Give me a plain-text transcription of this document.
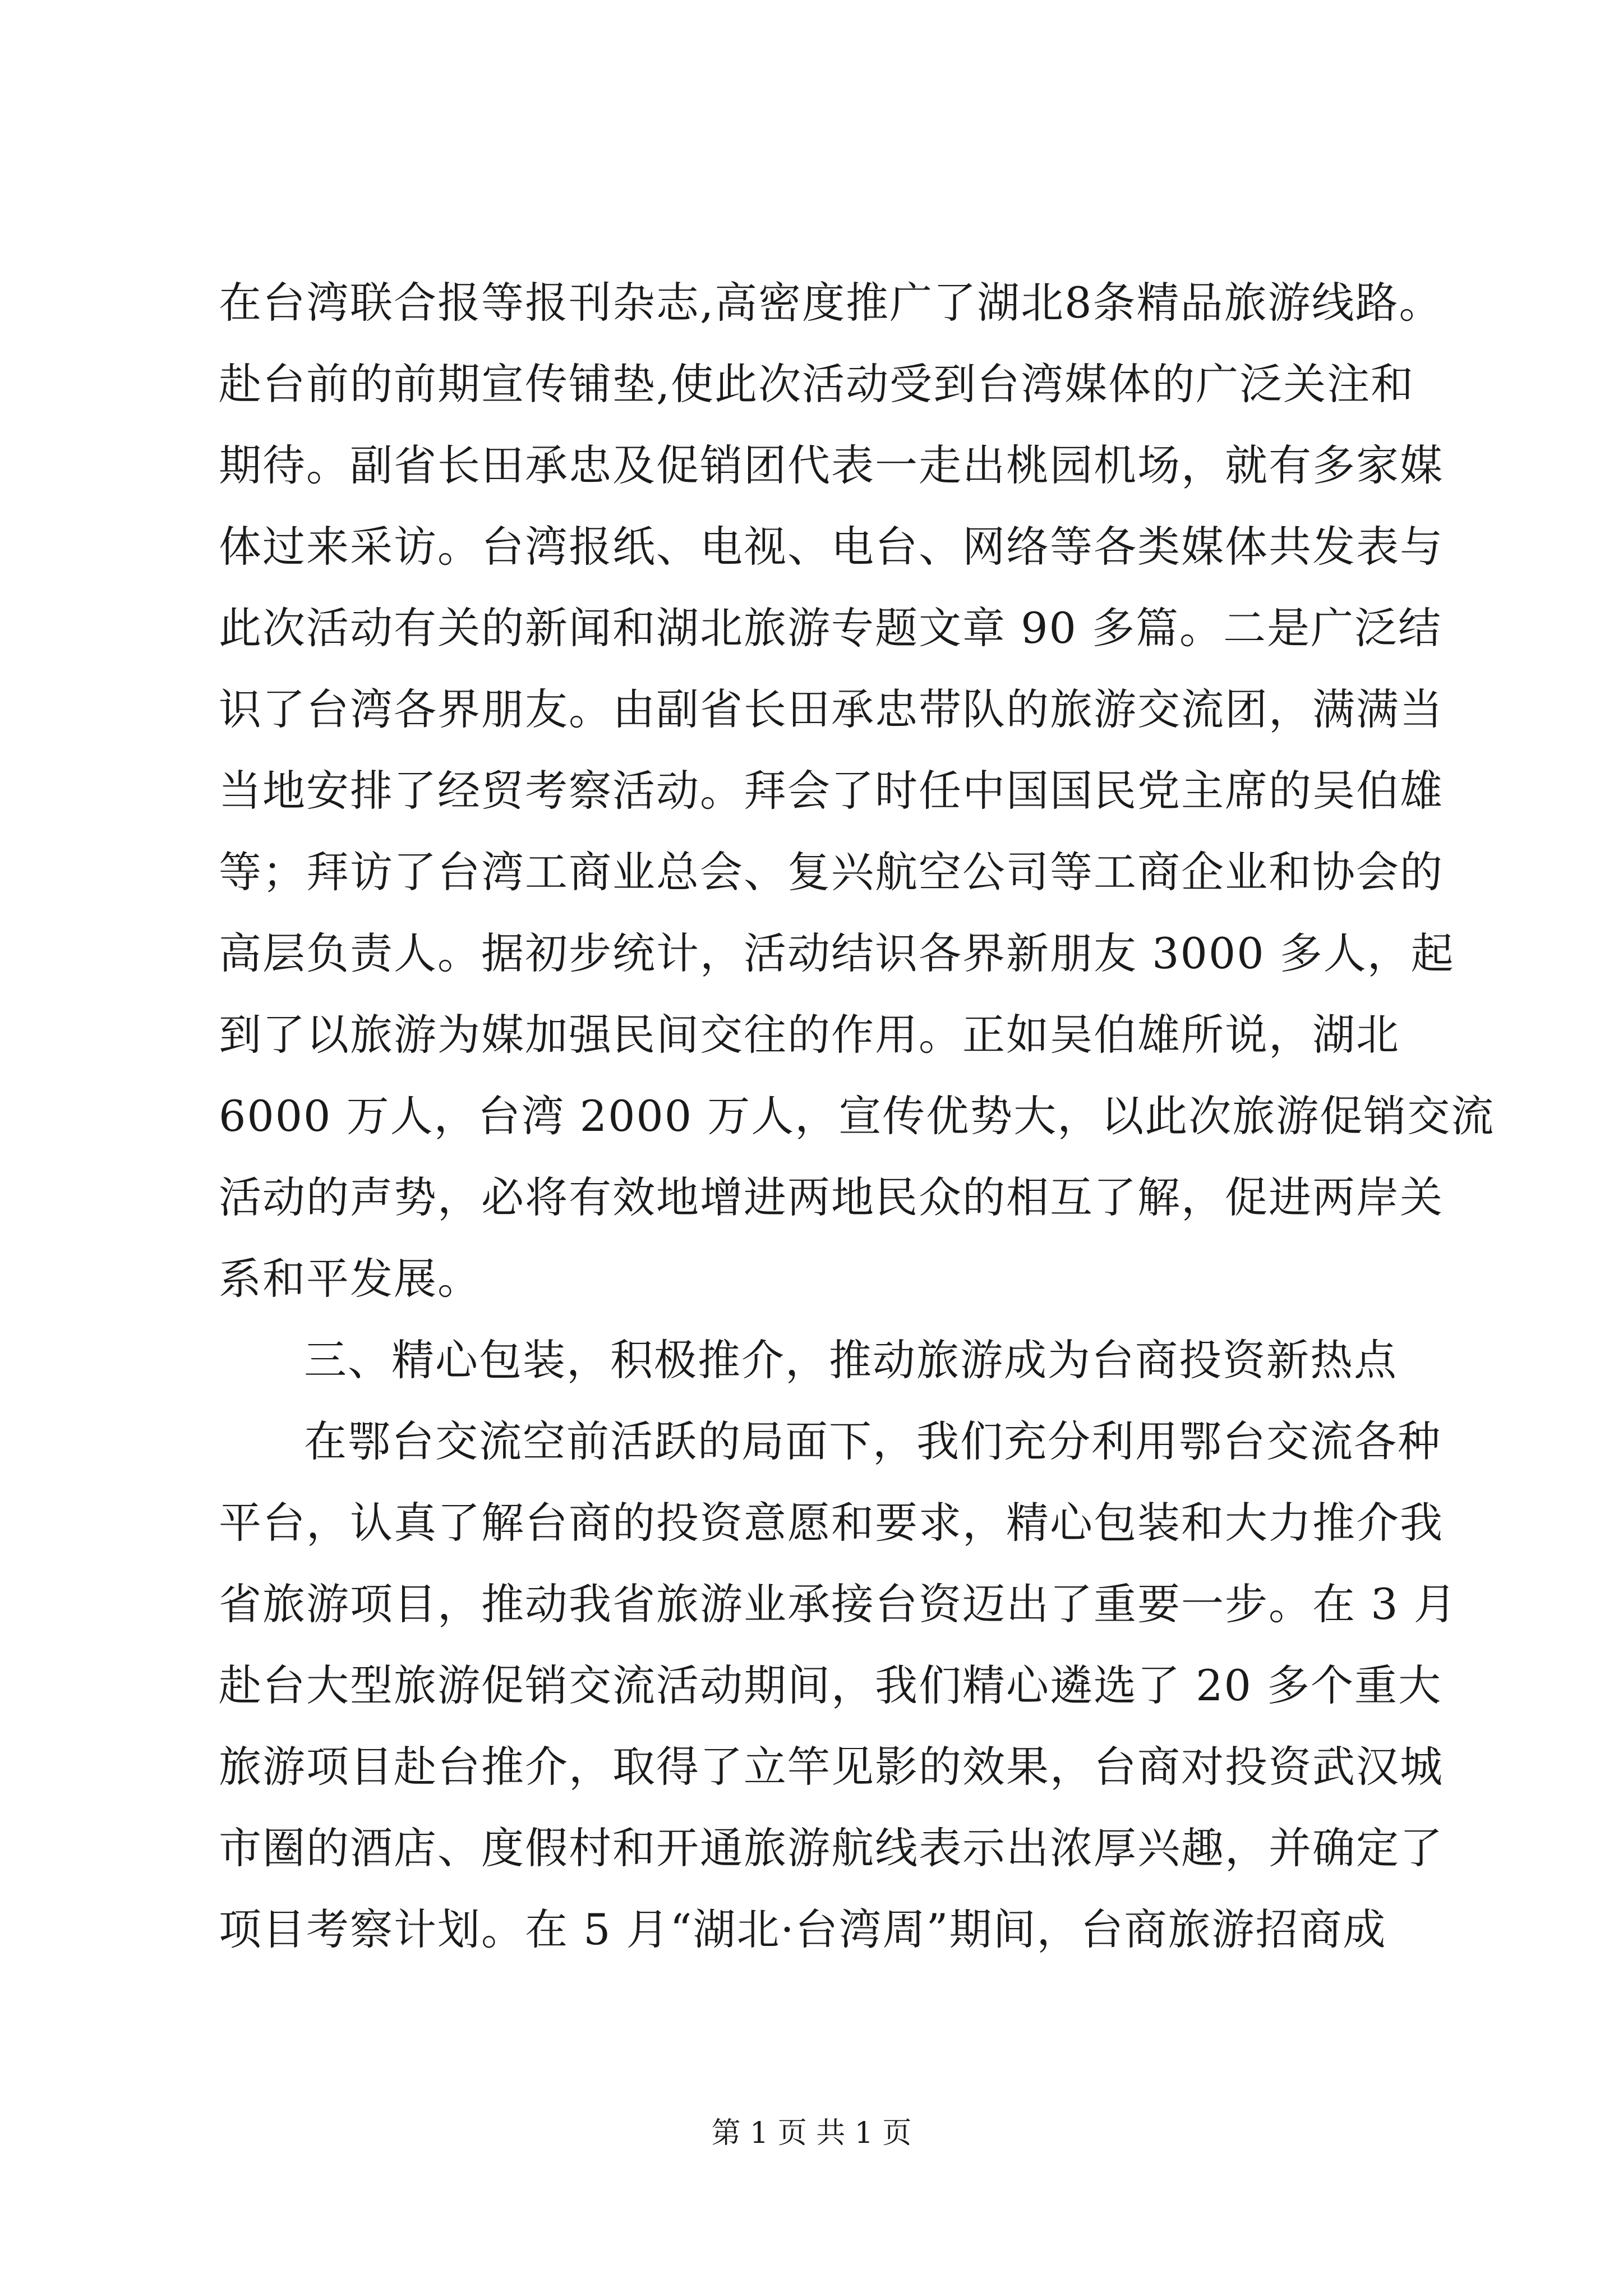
在台湾联合报等报刊杂志,高密度推广了湖北8条精品旅游线路。
赴台前的前期宣传铺垫,使此次活动受到台湾媒体的广泛关注和
期待。副省长田承忠及促销团代表一走出桃园机场，就有多家媒
体过来采访。台湾报纸、电视、电台、网络等各类媒体共发表与
此次活动有关的新闻和湖北旅游专题文章 90 多篇。二是广泛结
识了台湾各界朋友。由副省长田承忠带队的旅游交流团，满满当
当地安排了经贸考察活动。拜会了时任中国国民党主席的吴伯雄
等；拜访了台湾工商业总会、复兴航空公司等工商企业和协会的
高层负责人。据初步统计，活动结识各界新朋友 3000 多人，起
到了以旅游为媒加强民间交往的作用。正如吴伯雄所说，湖北
6000 万人，台湾 2000 万人，宣传优势大，以此次旅游促销交流
活动的声势，必将有效地增进两地民众的相互了解，促进两岸关
系和平发展。
三、精心包装，积极推介，推动旅游成为台商投资新热点
在鄂台交流空前活跃的局面下，我们充分利用鄂台交流各种
平台，认真了解台商的投资意愿和要求，精心包装和大力推介我
省旅游项目，推动我省旅游业承接台资迈出了重要一步。在 3 月
赴台大型旅游促销交流活动期间，我们精心遴选了 20 多个重大
旅游项目赴台推介，取得了立竿见影的效果，台商对投资武汉城
市圈的酒店、度假村和开通旅游航线表示出浓厚兴趣，并确定了
项目考察计划。在 5 月“湖北·台湾周”期间，台商旅游招商成
第 1 页 共 1 页
